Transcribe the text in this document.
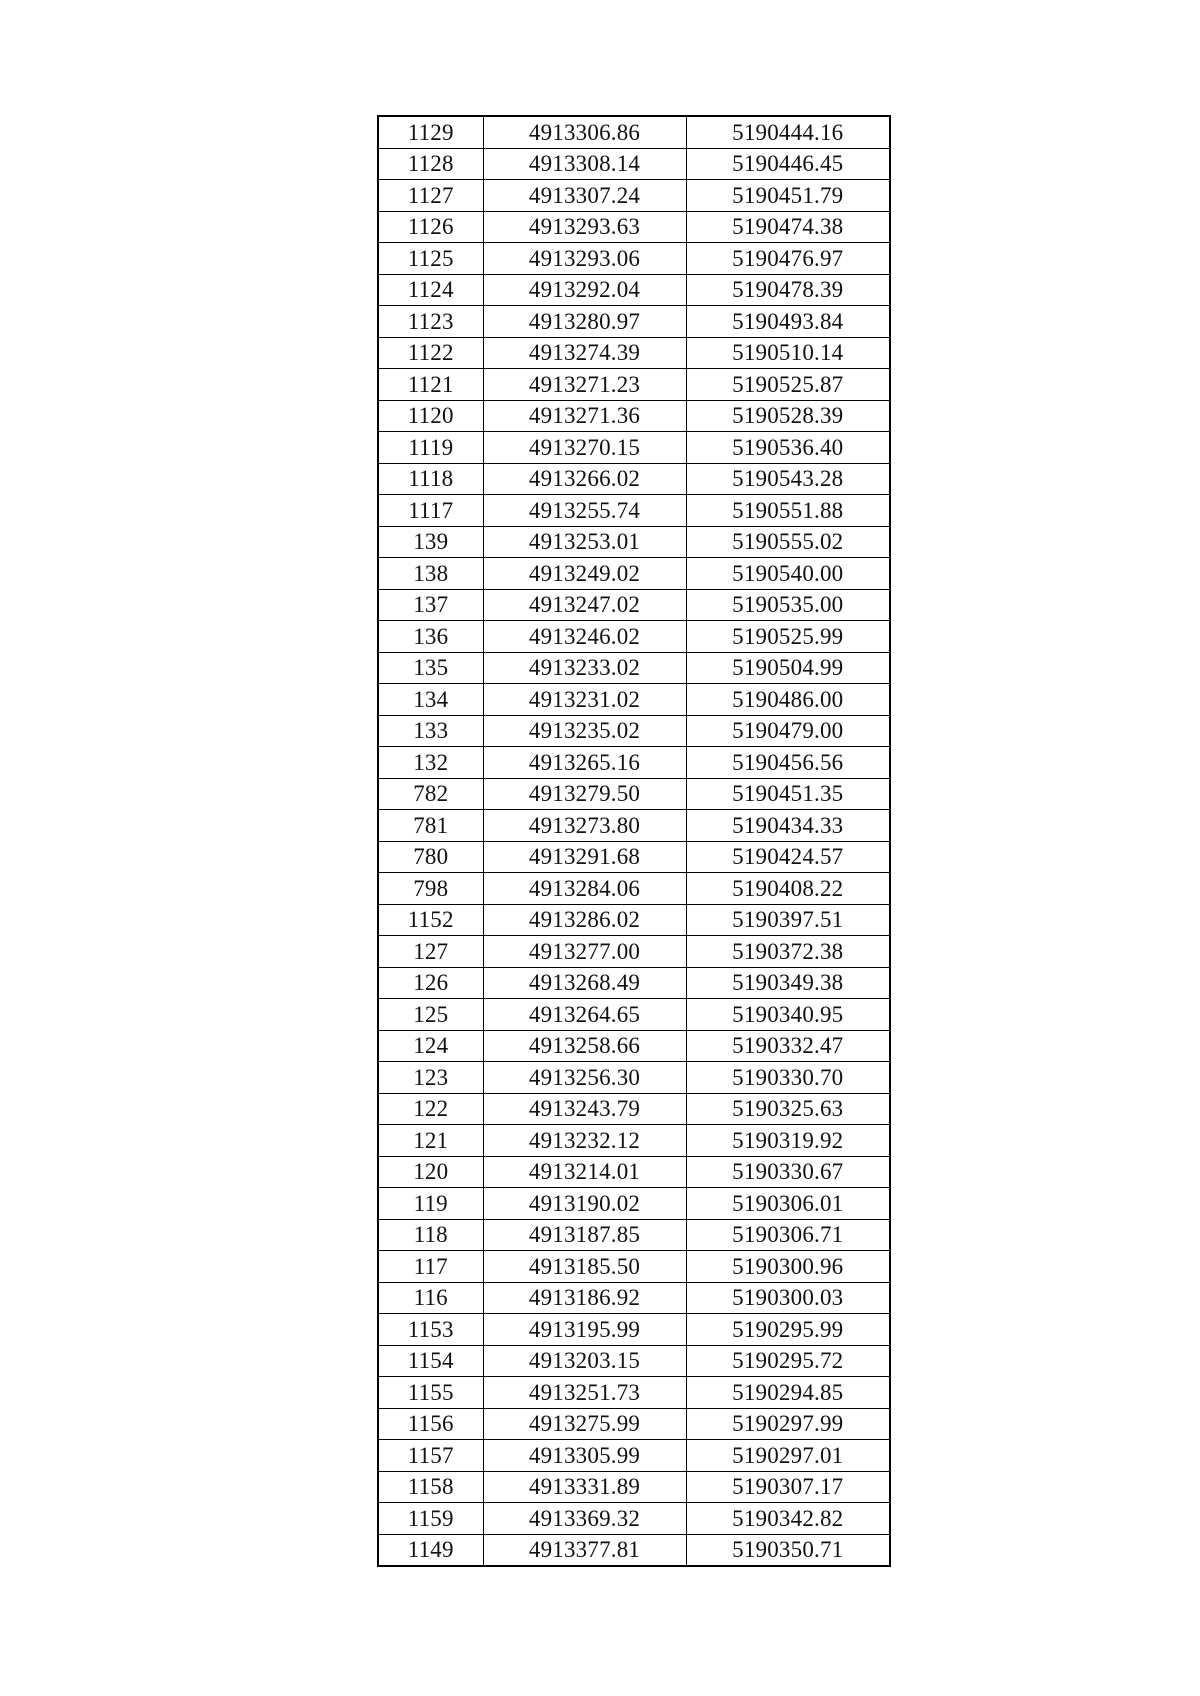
1129	4913306.86	5190444.16
1128	4913308.14	5190446.45
1127	4913307.24	5190451.79
1126	4913293.63	5190474.38
1125	4913293.06	5190476.97
1124	4913292.04	5190478.39
1123	4913280.97	5190493.84
1122	4913274.39	5190510.14
1121	4913271.23	5190525.87
1120	4913271.36	5190528.39
1119	4913270.15	5190536.40
1118	4913266.02	5190543.28
1117	4913255.74	5190551.88
139	4913253.01	5190555.02
138	4913249.02	5190540.00
137	4913247.02	5190535.00
136	4913246.02	5190525.99
135	4913233.02	5190504.99
134	4913231.02	5190486.00
133	4913235.02	5190479.00
132	4913265.16	5190456.56
782	4913279.50	5190451.35
781	4913273.80	5190434.33
780	4913291.68	5190424.57
798	4913284.06	5190408.22
1152	4913286.02	5190397.51
127	4913277.00	5190372.38
126	4913268.49	5190349.38
125	4913264.65	5190340.95
124	4913258.66	5190332.47
123	4913256.30	5190330.70
122	4913243.79	5190325.63
121	4913232.12	5190319.92
120	4913214.01	5190330.67
119	4913190.02	5190306.01
118	4913187.85	5190306.71
117	4913185.50	5190300.96
116	4913186.92	5190300.03
1153	4913195.99	5190295.99
1154	4913203.15	5190295.72
1155	4913251.73	5190294.85
1156	4913275.99	5190297.99
1157	4913305.99	5190297.01
1158	4913331.89	5190307.17
1159	4913369.32	5190342.82
1149	4913377.81	5190350.71
